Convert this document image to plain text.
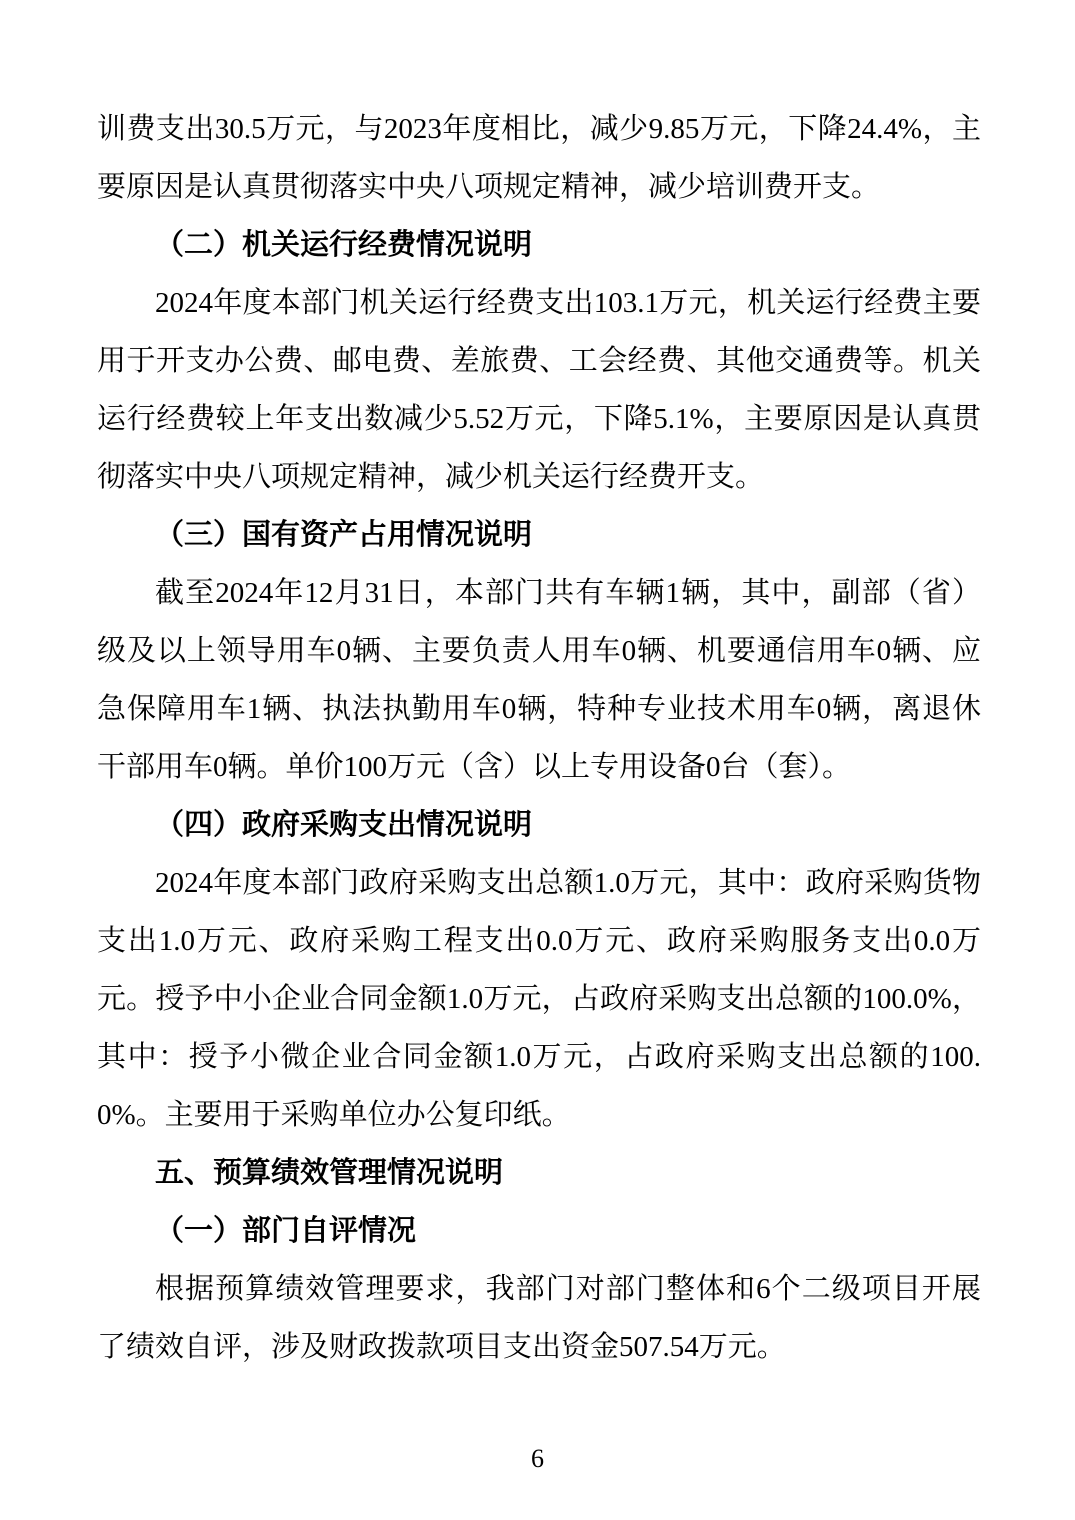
训费支出30.5万元，与2023年度相比，减少9.85万元，下降24.4%，主要原因是认真贯彻落实中央八项规定精神，减少培训费开支。

（二）机关运行经费情况说明

2024年度本部门机关运行经费支出103.1万元，机关运行经费主要用于开支办公费、邮电费、差旅费、工会经费、其他交通费等。机关运行经费较上年支出数减少5.52万元，下降5.1%，主要原因是认真贯彻落实中央八项规定精神，减少机关运行经费开支。

（三）国有资产占用情况说明

截至2024年12月31日，本部门共有车辆1辆，其中，副部（省）级及以上领导用车0辆、主要负责人用车0辆、机要通信用车0辆、应急保障用车1辆、执法执勤用车0辆，特种专业技术用车0辆，离退休干部用车0辆。单价100万元（含）以上专用设备0台（套）。

（四）政府采购支出情况说明

2024年度本部门政府采购支出总额1.0万元，其中：政府采购货物支出1.0万元、政府采购工程支出0.0万元、政府采购服务支出0.0万元。授予中小企业合同金额1.0万元，占政府采购支出总额的100.0%，其中：授予小微企业合同金额1.0万元，占政府采购支出总额的100.0%。主要用于采购单位办公复印纸。

五、预算绩效管理情况说明

（一）部门自评情况

根据预算绩效管理要求，我部门对部门整体和6个二级项目开展了绩效自评，涉及财政拨款项目支出资金507.54万元。

6
